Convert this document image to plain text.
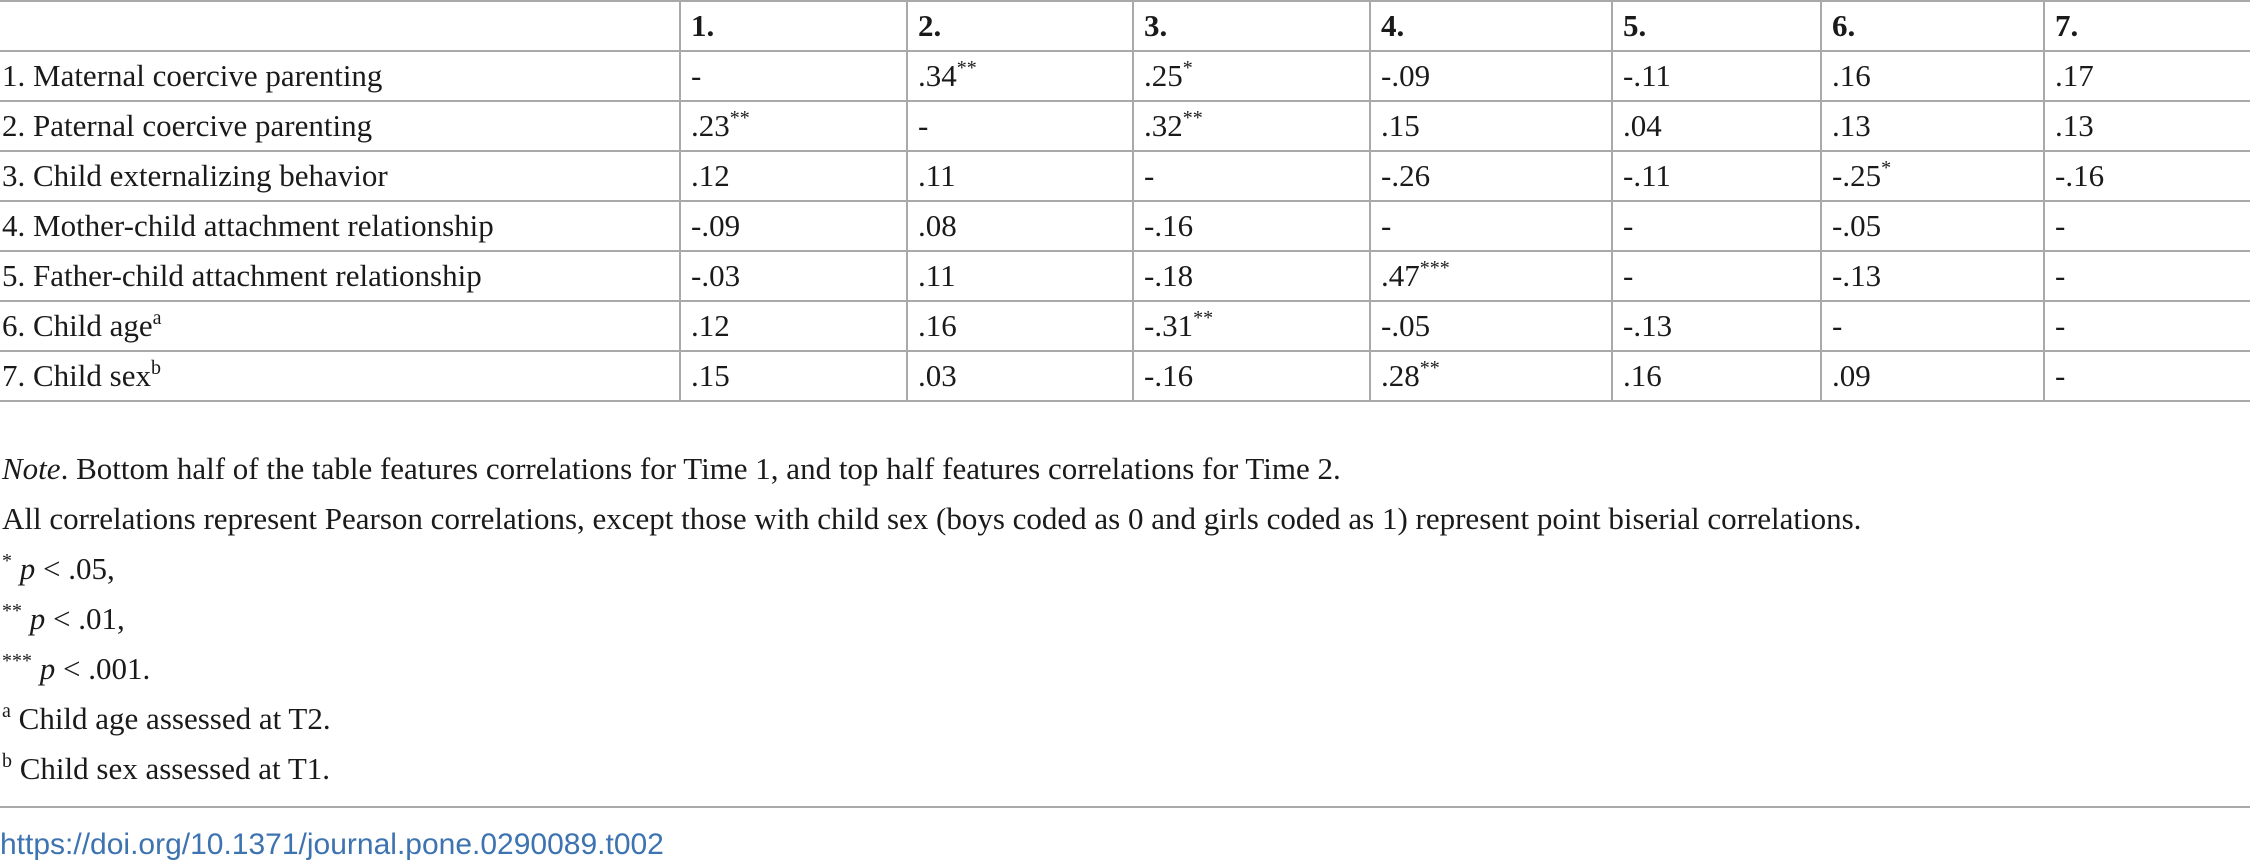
	1.	2.	3.	4.	5.	6.	7.
1. Maternal coercive parenting	-	.34**	.25*	-.09	-.11	.16	.17
2. Paternal coercive parenting	.23**	-	.32**	.15	.04	.13	.13
3. Child externalizing behavior	.12	.11	-	-.26	-.11	-.25*	-.16
4. Mother-child attachment relationship	-.09	.08	-.16	-	-	-.05	-
5. Father-child attachment relationship	-.03	.11	-.18	.47***	-	-.13	-
6. Child age$^a$	.12	.16	-.31**	-.05	-.13	-	-
7. Child sex$^b$	.15	.03	-.16	.28**	.16	.09	-

Note. Bottom half of the table features correlations for Time 1, and top half features correlations for Time 2.

All correlations represent Pearson correlations, except those with child sex (boys coded as 0 and girls coded as 1) represent point biserial correlations.

* p < .05,

** p < .01,

*** p < .001.

$^a$ Child age assessed at T2.

$^b$ Child sex assessed at T1.

https://doi.org/10.1371/journal.pone.0290089.t002
